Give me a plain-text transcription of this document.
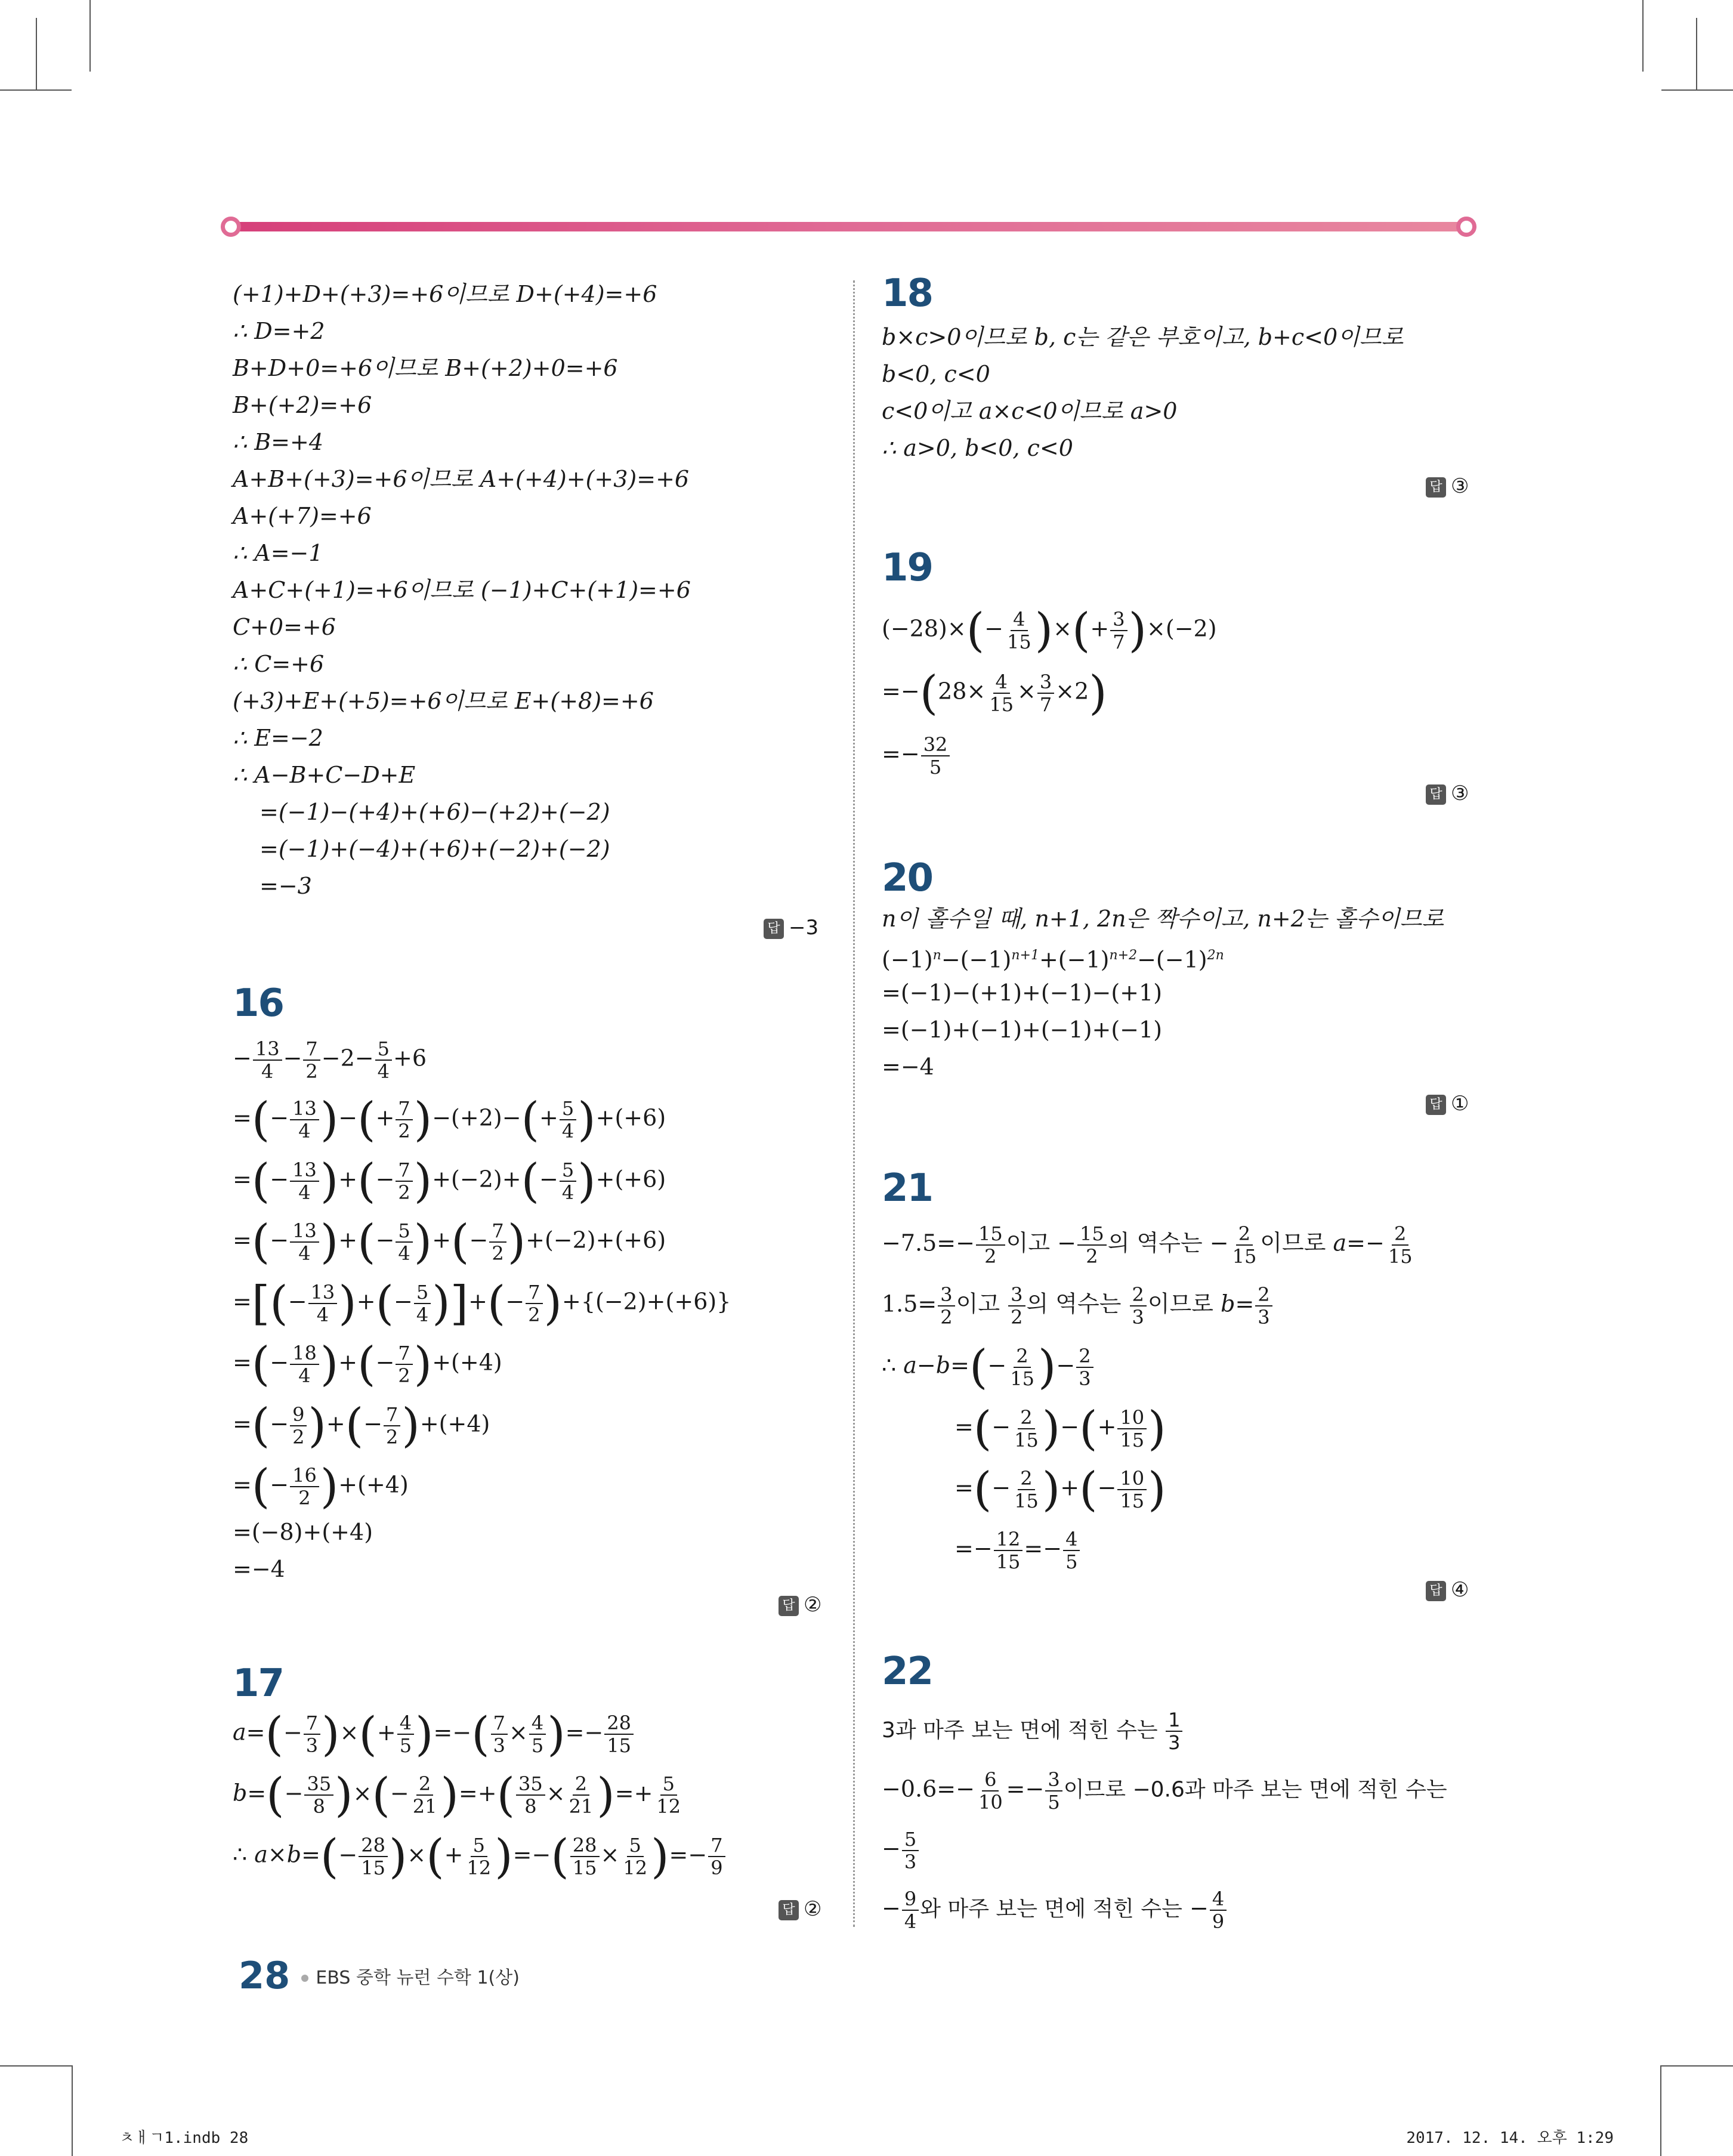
(+1)+D+(+3)=+6이므로 D+(+4)=+6
∴ D=+2
B+D+0=+6이므로 B+(+2)+0=+6
B+(+2)=+6
∴ B=+4
A+B+(+3)=+6이므로 A+(+4)+(+3)=+6
A+(+7)=+6
∴ A=−1
A+C+(+1)=+6이므로 (−1)+C+(+1)=+6
C+0=+6
∴ C=+6
(+3)+E+(+5)=+6이므로 E+(+8)=+6
∴ E=−2
∴ A−B+C−D+E
=(−1)−(+4)+(+6)−(+2)+(−2)
=(−1)+(−4)+(+6)+(−2)+(−2)
=−3
답 −3
16
− $\frac{13}{4} - \frac{7}{2} -2- \frac{5}{4} +6$
=(− $\frac{13}{4}$ )−(+ $\frac{7}{2} )-(+2)-(+ \frac{5}{4} )+(+6)$
=(− $\frac{13}{4}$ )+(− $\frac{7}{2} )+(-2)+(- \frac{5}{4} )+(+6)$
=(− $\frac{13}{4}$ )+(− $\frac{5}{4}$ )+(− $\frac{7}{2} )+(-2)+(+6)$
=[(− $\frac{13}{4}$ )+(− $\frac{5}{4}$ )]+(− $\frac{7}{2} )+\{(-2)+(+6)\}$
=(− $\frac{18}{4}$ )+(− $\frac{7}{2} )+(+4)$
=(− $\frac{9}{2}$ )+(− $\frac{7}{2} )+(+4)$
=(− $\frac{16}{2} )+(+4)$
=(−8)+(+4)
=−4
답 ②
17
$a=(- \frac{7}{3}$ )×(+ $\frac{4}{5}$ )=−( $\frac{7}{3} \times \frac{4}{5}$ )=− $\frac{28}{15}$
$b=(- \frac{35}{8}$ )×(− $\frac{2}{21}$ )=+( $\frac{35}{8} \times \frac{2}{21}$ )=+ $\frac{5}{12}$
∴ $a\times b=(- \frac{28}{15}$ )×(+ $\frac{5}{12}$ )=−( $\frac{28}{15} \times \frac{5}{12}$ )=− $\frac{7}{9}$
답 ②
18
b×c>0이므로 b, c는 같은 부호이고, b+c<0이므로
b<0, c<0
c<0이고 a×c<0이므로 a>0
∴ a>0, b<0, c<0
답 ③
19
$(-28)\times(- \frac{4}{15}$ )×(+ $\frac{3}{7} )\times(-2)$
$=-(28\times \frac{4}{15} \times \frac{3}{7} \times 2)$
=− $\frac{32}{5}$
답 ③
20
n이 홀수일 때, n+1, 2n은 짝수이고, n+2는 홀수이므로
$(-1)^n-(-1)^{n+1}+(-1)^{n+2}-(-1)^{2n}$
=(−1)−(+1)+(−1)−(+1)
=(−1)+(−1)+(−1)+(−1)
=−4
답 ①
21
$-7.5=- \frac{15}{2}$ 이고 − $\frac{15}{2}$ 의 역수는 − $\frac{2}{15}$ 이므로 $a=- \frac{2}{15}$
$1.5= \frac{3}{2}$ 이고 $\frac{3}{2}$ 의 역수는 $\frac{2}{3}$ 이므로 $b= \frac{2}{3}$
∴ $a-b=(- \frac{2}{15}$ )− $\frac{2}{3}$
=(− $\frac{2}{15}$ )−(+ $\frac{10}{15}$ )
=(− $\frac{2}{15}$ )+(− $\frac{10}{15}$ )
=− $\frac{12}{15} =- \frac{4}{5}$
답 ④
22
3과 마주 보는 면에 적힌 수는 $\frac{1}{3}$
$-0.6=- \frac{6}{10} =- \frac{3}{5}$ 이므로 −0.6과 마주 보는 면에 적힌 수는
− $\frac{5}{3}$
− $\frac{9}{4}$ 와 마주 보는 면에 적힌 수는 − $\frac{4}{9}$
28 EBS 중학 뉴런 수학 1(상)
ㅊㅐㄱ1.indb 28	2017. 12. 14. 오후 1:29
